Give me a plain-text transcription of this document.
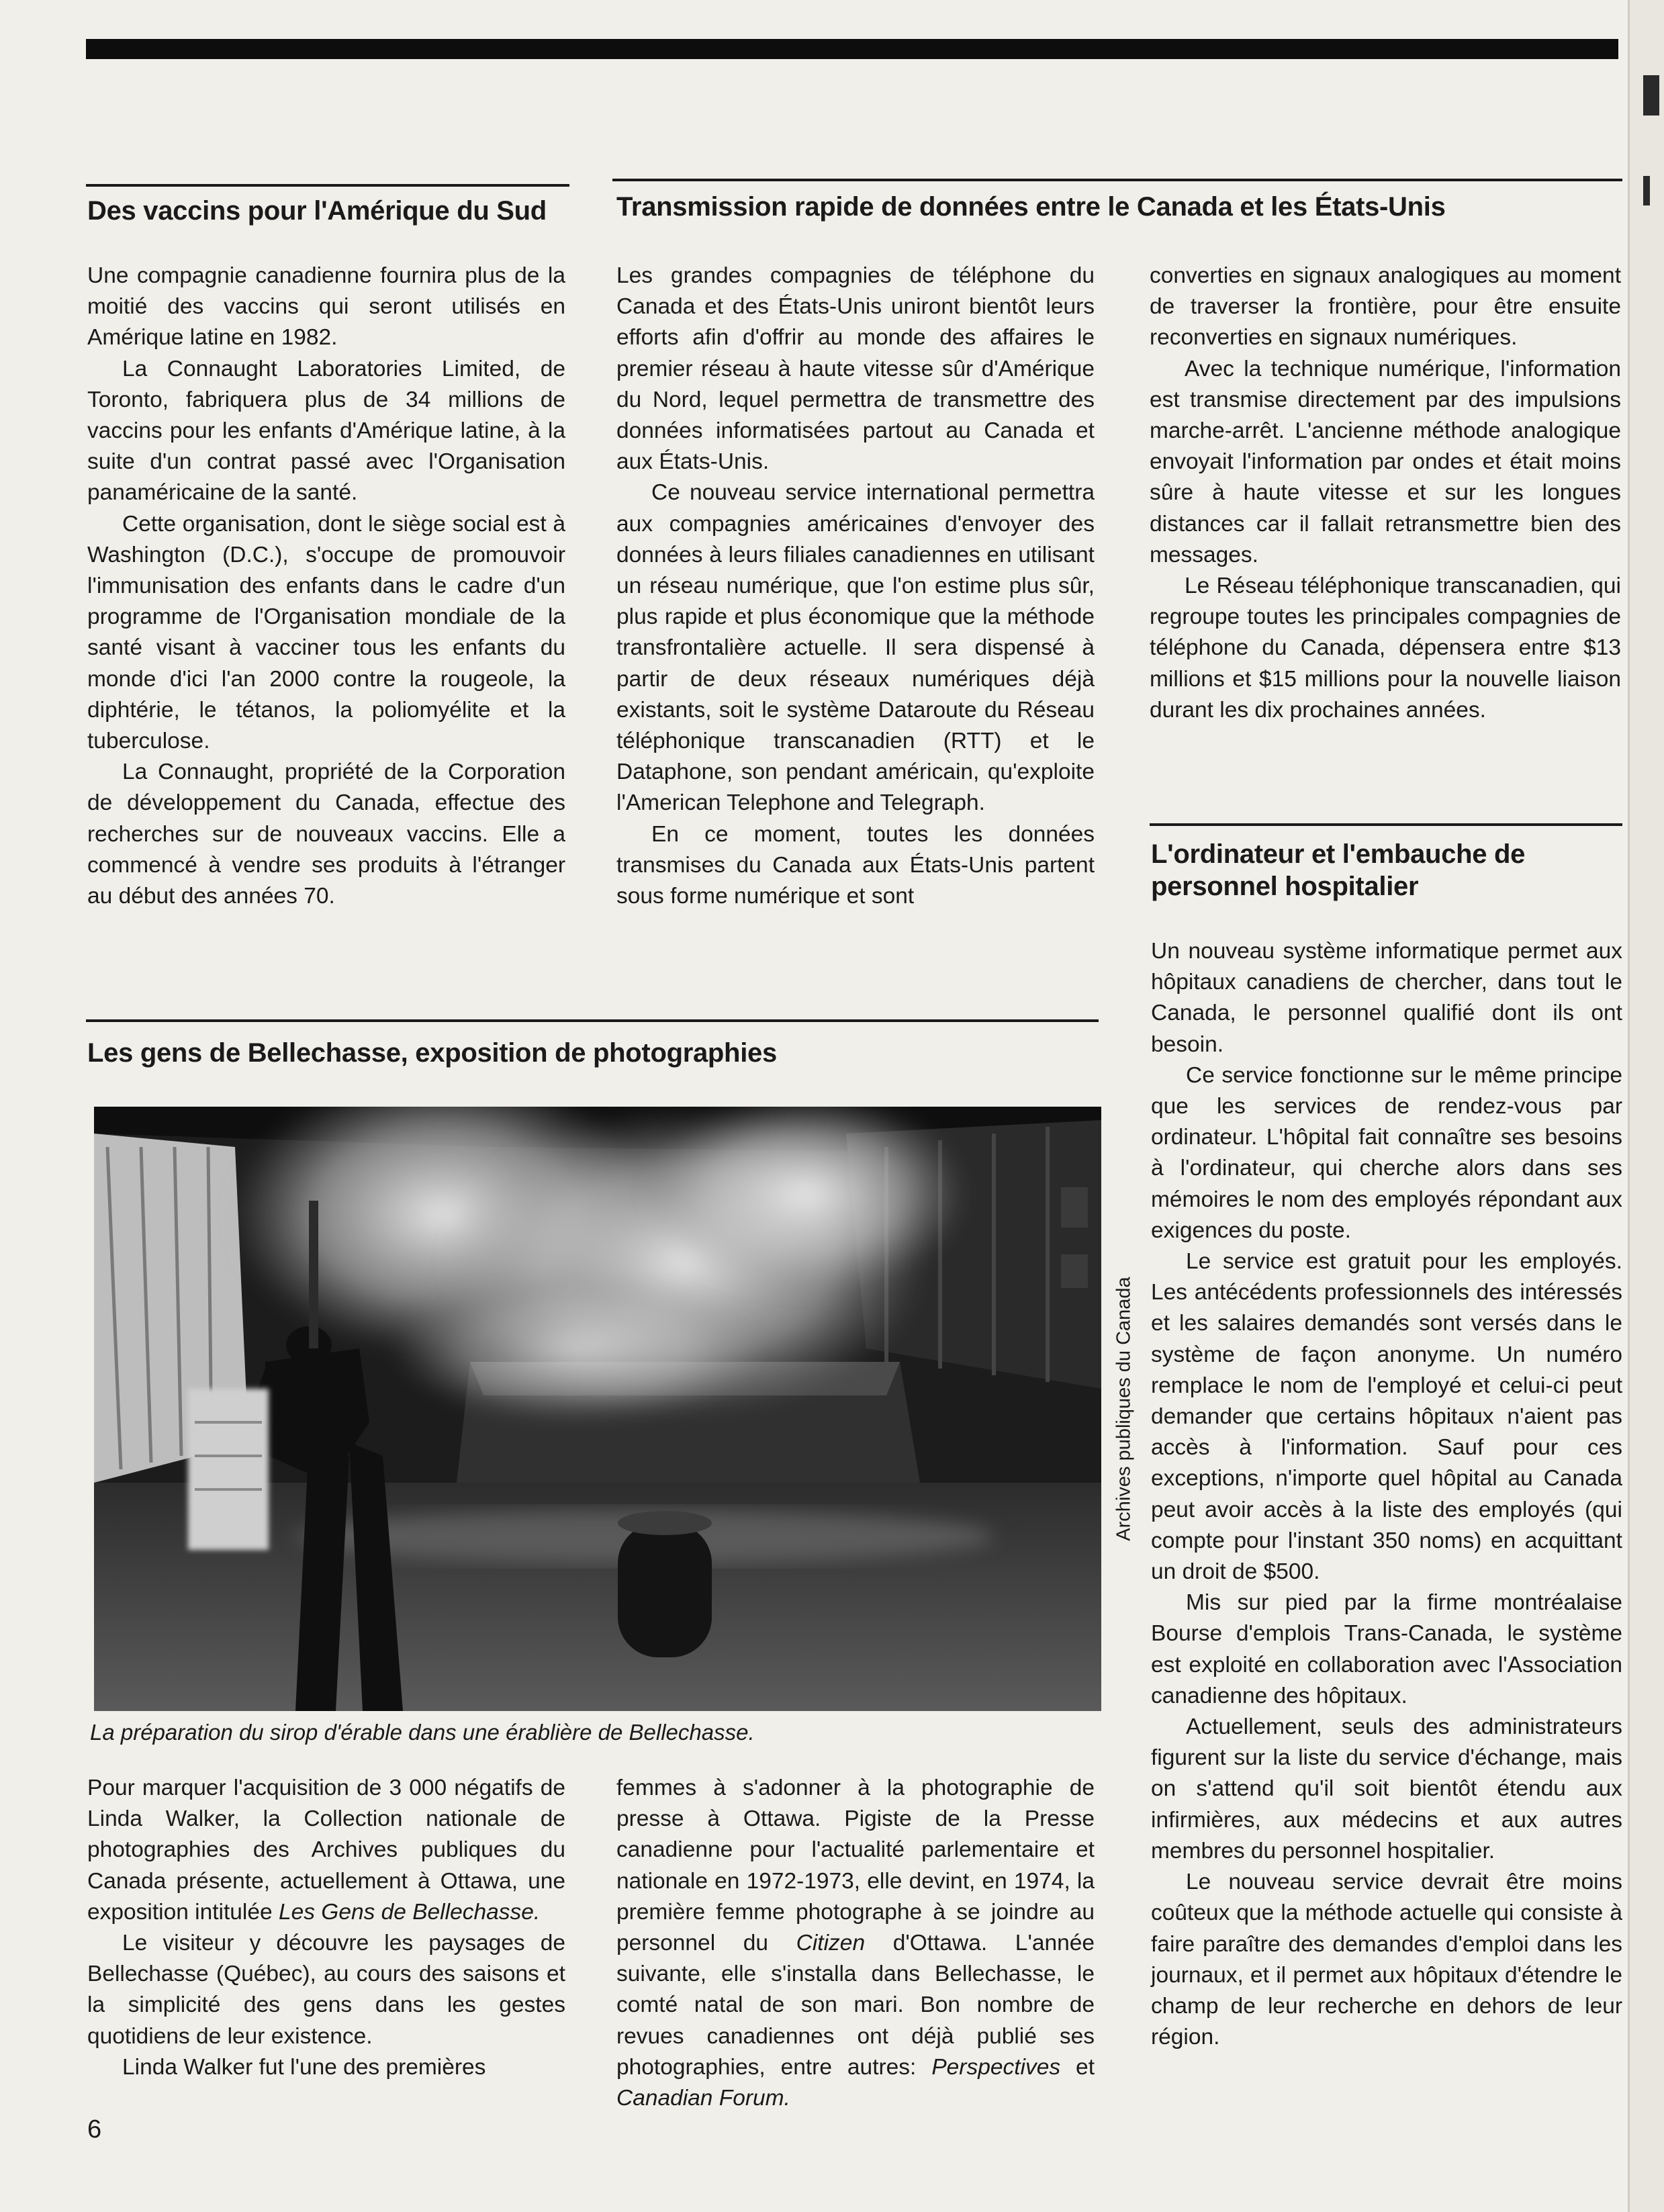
Des vaccins pour l'Amérique du Sud

Une compagnie canadienne fournira plus de la moitié des vaccins qui seront utilisés en Amérique latine en 1982.

La Connaught Laboratories Limited, de Toronto, fabriquera plus de 34 millions de vaccins pour les enfants d'Amérique latine, à la suite d'un contrat passé avec l'Organisation panaméricaine de la santé.

Cette organisation, dont le siège social est à Washington (D.C.), s'occupe de promouvoir l'immunisation des enfants dans le cadre d'un programme de l'Organisation mondiale de la santé visant à vacciner tous les enfants du monde d'ici l'an 2000 contre la rougeole, la diphtérie, le tétanos, la poliomyélite et la tuberculose.

La Connaught, propriété de la Corporation de développement du Canada, effectue des recherches sur de nouveaux vaccins. Elle a commencé à vendre ses produits à l'étranger au début des années 70.

Transmission rapide de données entre le Canada et les États-Unis

Les grandes compagnies de téléphone du Canada et des États-Unis uniront bientôt leurs efforts afin d'offrir au monde des affaires le premier réseau à haute vitesse sûr d'Amérique du Nord, lequel permettra de transmettre des données informatisées partout au Canada et aux États-Unis.

Ce nouveau service international permettra aux compagnies américaines d'envoyer des données à leurs filiales canadiennes en utilisant un réseau numérique, que l'on estime plus sûr, plus rapide et plus économique que la méthode transfrontalière actuelle. Il sera dispensé à partir de deux réseaux numériques déjà existants, soit le système Dataroute du Réseau téléphonique transcanadien (RTT) et le Dataphone, son pendant américain, qu'exploite l'American Telephone and Telegraph.

En ce moment, toutes les données transmises du Canada aux États-Unis partent sous forme numérique et sont

converties en signaux analogiques au moment de traverser la frontière, pour être ensuite reconverties en signaux numériques.

Avec la technique numérique, l'information est transmise directement par des impulsions marche-arrêt. L'ancienne méthode analogique envoyait l'information par ondes et était moins sûre à haute vitesse et sur les longues distances car il fallait retransmettre bien des messages.

Le Réseau téléphonique transcanadien, qui regroupe toutes les principales compagnies de téléphone du Canada, dépensera entre $13 millions et $15 millions pour la nouvelle liaison durant les dix prochaines années.

L'ordinateur et l'embauche de personnel hospitalier

Un nouveau système informatique permet aux hôpitaux canadiens de chercher, dans tout le Canada, le personnel qualifié dont ils ont besoin.

Ce service fonctionne sur le même principe que les services de rendez-vous par ordinateur. L'hôpital fait connaître ses besoins à l'ordinateur, qui cherche alors dans ses mémoires le nom des employés répondant aux exigences du poste.

Le service est gratuit pour les employés. Les antécédents professionnels des intéressés et les salaires demandés sont versés dans le système de façon anonyme. Un numéro remplace le nom de l'employé et celui-ci peut demander que certains hôpitaux n'aient pas accès à l'information. Sauf pour ces exceptions, n'importe quel hôpital au Canada peut avoir accès à la liste des employés (qui compte pour l'instant 350 noms) en acquittant un droit de $500.

Mis sur pied par la firme montréalaise Bourse d'emplois Trans-Canada, le système est exploité en collaboration avec l'Association canadienne des hôpitaux.

Actuellement, seuls des administrateurs figurent sur la liste du service d'échange, mais on s'attend qu'il soit bientôt étendu aux infirmières, aux médecins et aux autres membres du personnel hospitalier.

Le nouveau service devrait être moins coûteux que la méthode actuelle qui consiste à faire paraître des demandes d'emploi dans les journaux, et il permet aux hôpitaux d'étendre le champ de leur recherche en dehors de leur région.

Les gens de Bellechasse, exposition de photographies
Archives publiques du Canada
La préparation du sirop d'érable dans une érablière de Bellechasse.

Pour marquer l'acquisition de 3 000 négatifs de Linda Walker, la Collection nationale de photographies des Archives publiques du Canada présente, actuellement à Ottawa, une exposition intitulée Les Gens de Bellechasse.

Le visiteur y découvre les paysages de Bellechasse (Québec), au cours des saisons et la simplicité des gens dans les gestes quotidiens de leur existence.

Linda Walker fut l'une des premières

femmes à s'adonner à la photographie de presse à Ottawa. Pigiste de la Presse canadienne pour l'actualité parlementaire et nationale en 1972-1973, elle devint, en 1974, la première femme photographe à se joindre au personnel du Citizen d'Ottawa. L'année suivante, elle s'installa dans Bellechasse, le comté natal de son mari. Bon nombre de revues canadiennes ont déjà publié ses photographies, entre autres: Perspectives et Canadian Forum.

6
